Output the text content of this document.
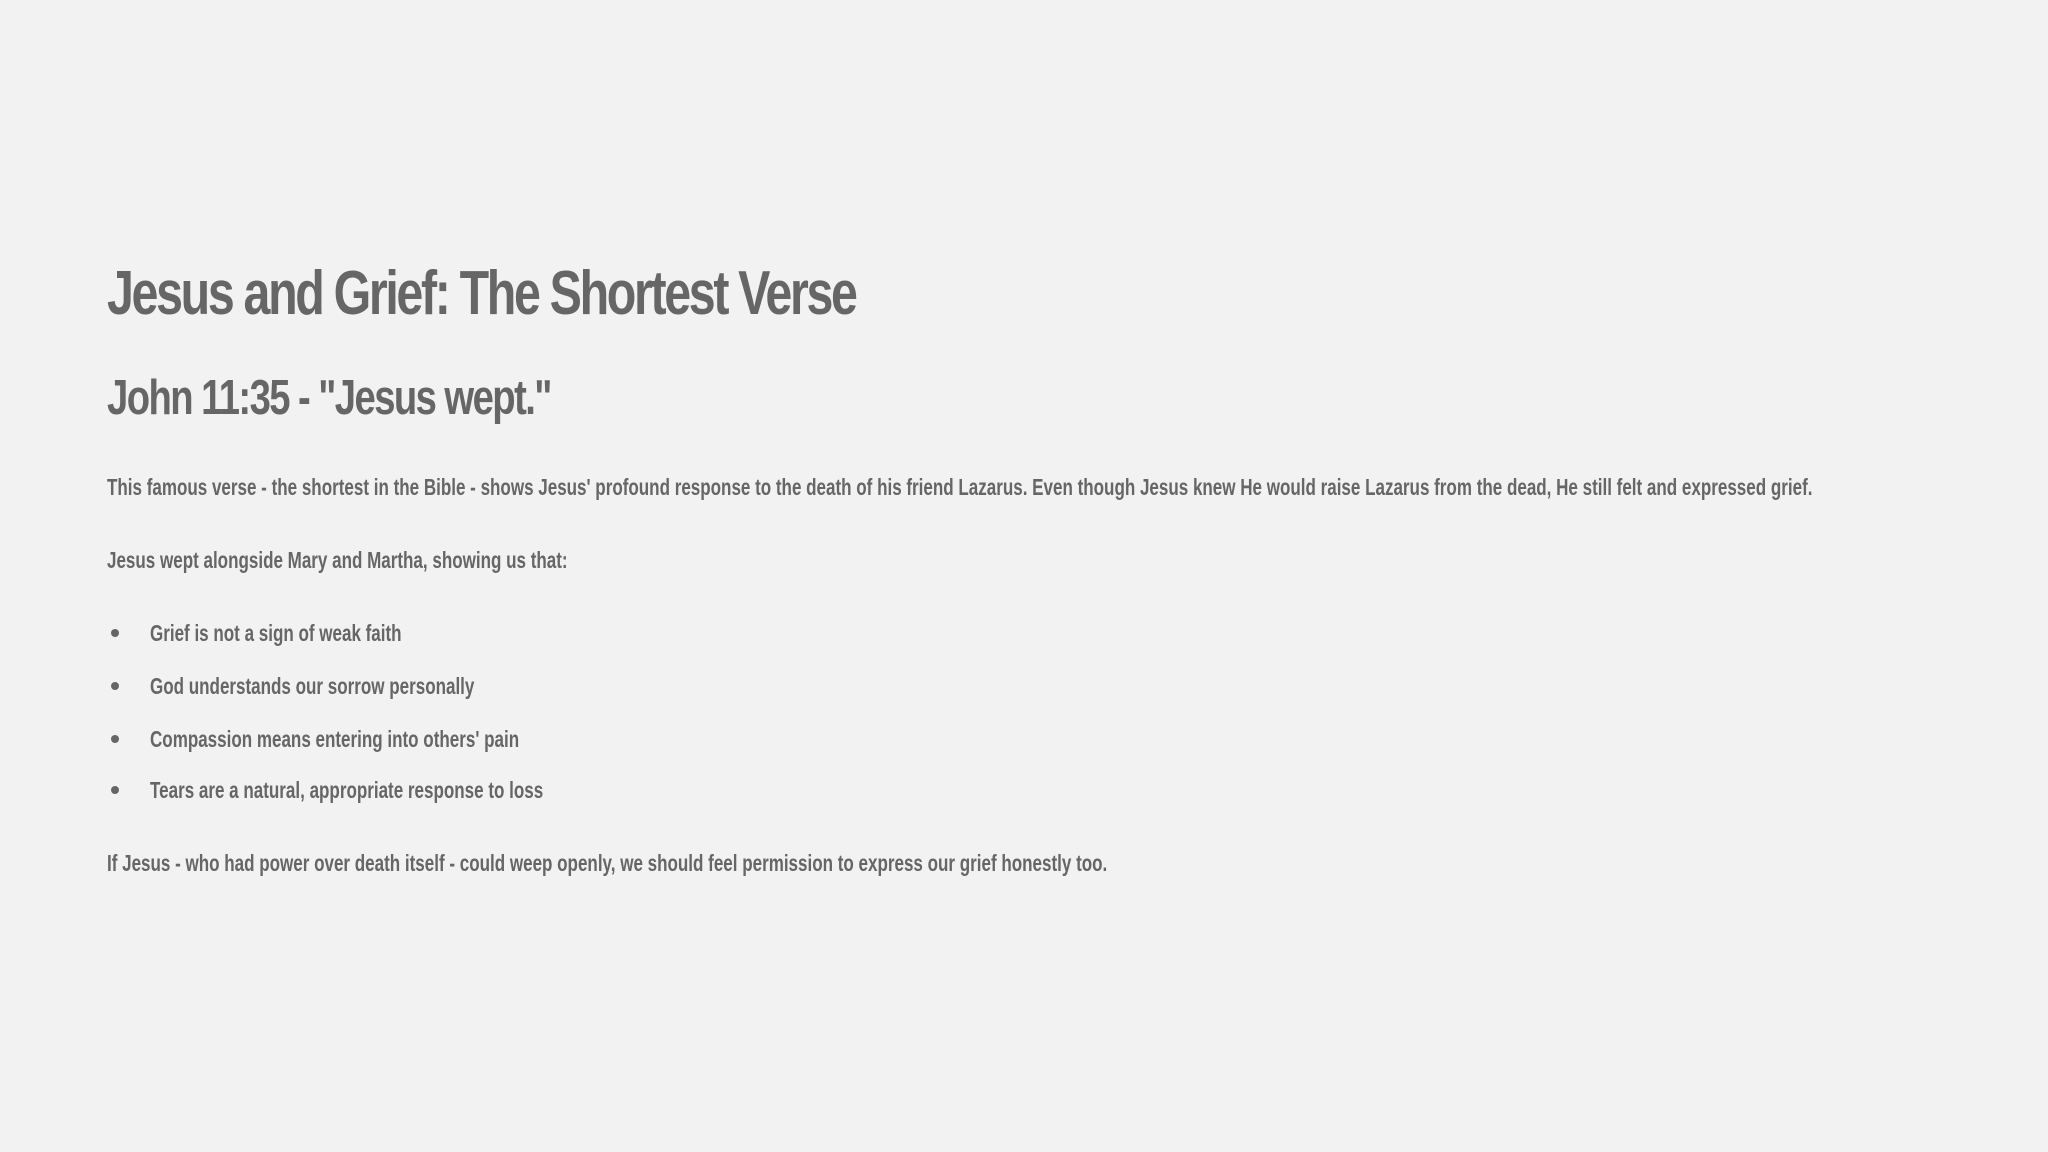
Jesus and Grief: The Shortest Verse
John 11:35 - "Jesus wept."

This famous verse - the shortest in the Bible - shows Jesus' profound response to the death of his friend Lazarus. Even though Jesus knew He would raise Lazarus from the dead, He still felt and expressed grief.

Jesus wept alongside Mary and Martha, showing us that:

Grief is not a sign of weak faith
God understands our sorrow personally
Compassion means entering into others' pain
Tears are a natural, appropriate response to loss

If Jesus - who had power over death itself - could weep openly, we should feel permission to express our grief honestly too.
